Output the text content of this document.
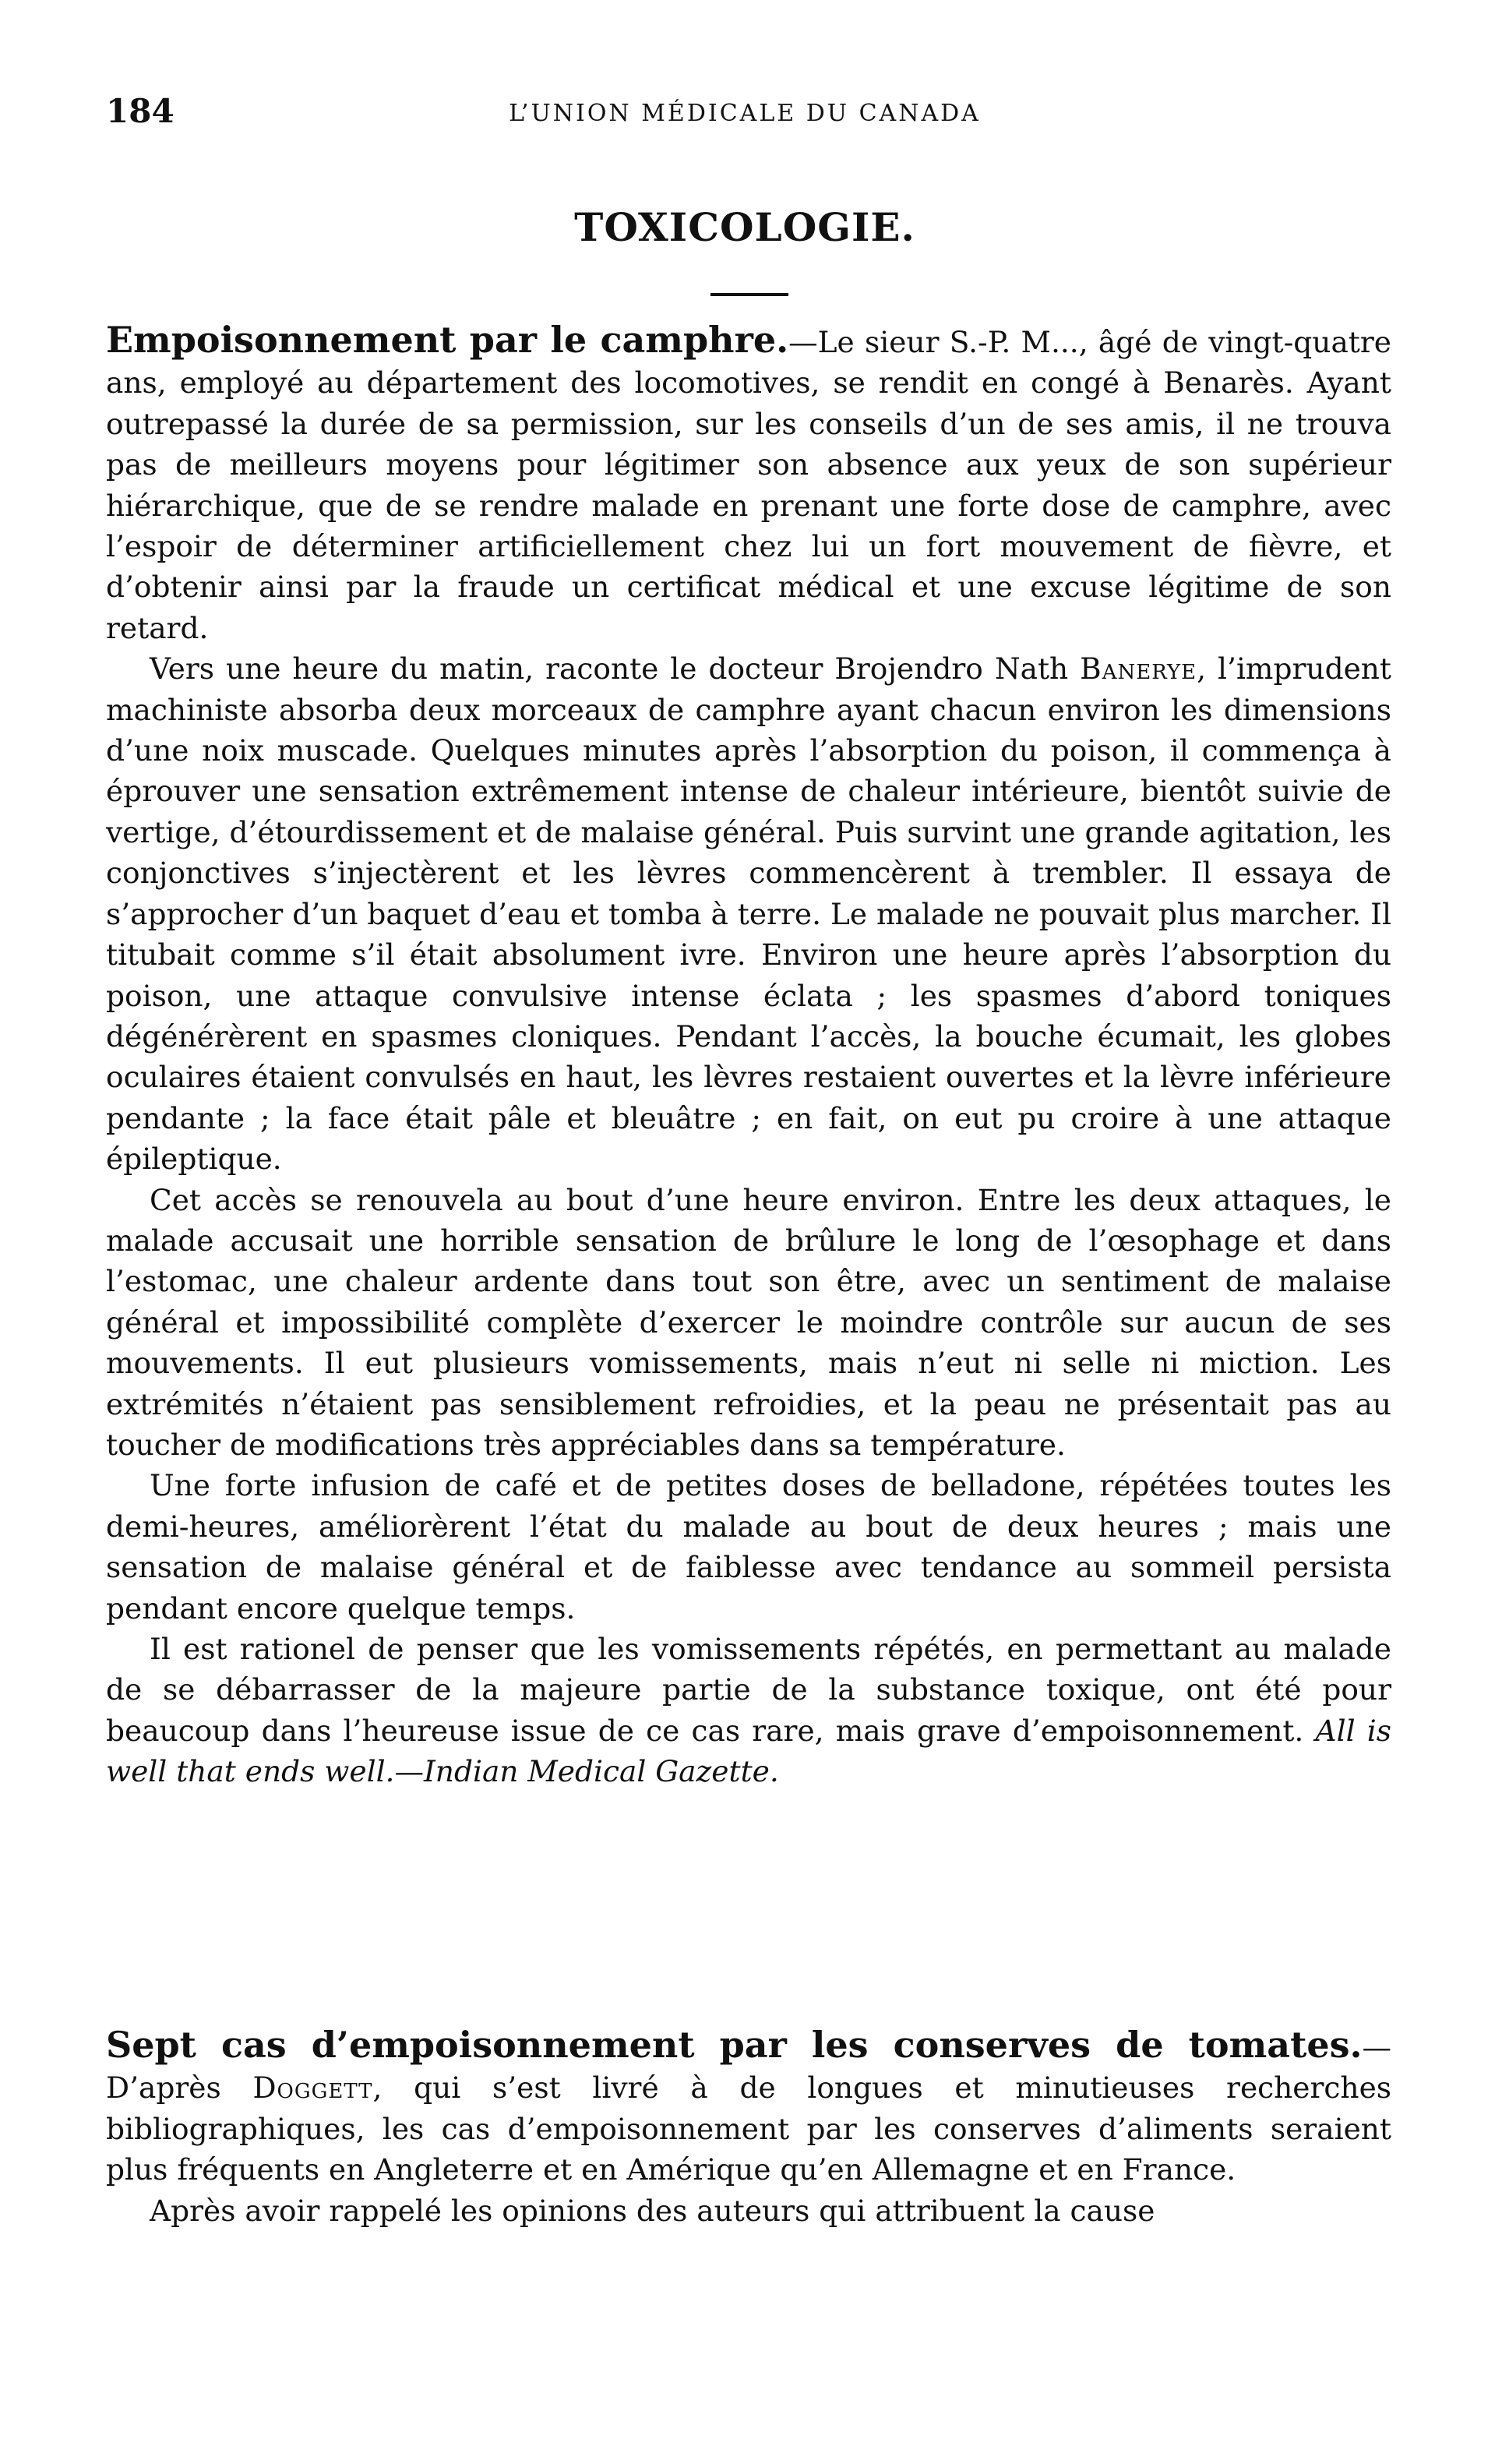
184	L’UNION MÉDICALE DU CANADA
TOXICOLOGIE.

Empoisonnement par le camphre.—Le sieur S.-P. M..., âgé de vingt-quatre ans, employé au département des locomotives, se rendit en congé à Benarès. Ayant outrepassé la durée de sa permission, sur les conseils d’un de ses amis, il ne trouva pas de meilleurs moyens pour légitimer son absence aux yeux de son supérieur hiérarchique, que de se rendre malade en prenant une forte dose de camphre, avec l’espoir de déterminer artificiellement chez lui un fort mouvement de fièvre, et d’obtenir ainsi par la fraude un certificat médical et une excuse légitime de son retard.

Vers une heure du matin, raconte le docteur Brojendro Nath Banerye, l’imprudent machiniste absorba deux morceaux de camphre ayant chacun environ les dimensions d’une noix muscade. Quelques minutes après l’absorption du poison, il commença à éprouver une sensation extrêmement intense de chaleur intérieure, bientôt suivie de vertige, d’étourdissement et de malaise général. Puis survint une grande agitation, les conjonctives s’injectèrent et les lèvres commencèrent à trembler. Il essaya de s’approcher d’un baquet d’eau et tomba à terre. Le malade ne pouvait plus marcher. Il titubait comme s’il était absolument ivre. Environ une heure après l’absorption du poison, une attaque convulsive intense éclata ; les spasmes d’abord toniques dégénérèrent en spasmes cloniques. Pendant l’accès, la bouche écumait, les globes oculaires étaient convulsés en haut, les lèvres restaient ouvertes et la lèvre inférieure pendante ; la face était pâle et bleuâtre ; en fait, on eut pu croire à une attaque épileptique.

Cet accès se renouvela au bout d’une heure environ. Entre les deux attaques, le malade accusait une horrible sensation de brûlure le long de l’œsophage et dans l’estomac, une chaleur ardente dans tout son être, avec un sentiment de malaise général et impossibilité complète d’exercer le moindre contrôle sur aucun de ses mouvements. Il eut plusieurs vomissements, mais n’eut ni selle ni miction. Les extrémités n’étaient pas sensiblement refroidies, et la peau ne présentait pas au toucher de modifications très appréciables dans sa température.

Une forte infusion de café et de petites doses de belladone, répétées toutes les demi-heures, améliorèrent l’état du malade au bout de deux heures ; mais une sensation de malaise général et de faiblesse avec tendance au sommeil persista pendant encore quelque temps.

Il est rationel de penser que les vomissements répétés, en permettant au malade de se débarrasser de la majeure partie de la substance toxique, ont été pour beaucoup dans l’heureuse issue de ce cas rare, mais grave d’empoisonnement. All is well that ends well.—Indian Medical Gazette.

Sept cas d’empoisonnement par les conserves de tomates.—D’après Doggett, qui s’est livré à de longues et minutieuses recherches bibliographiques, les cas d’empoisonnement par les conserves d’aliments seraient plus fréquents en Angleterre et en Amérique qu’en Allemagne et en France.

Après avoir rappelé les opinions des auteurs qui attribuent la cause
